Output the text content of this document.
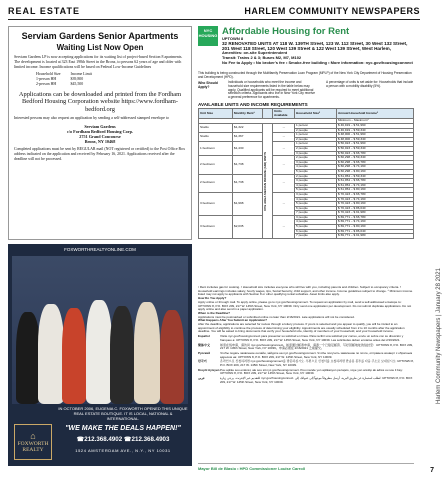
REAL ESTATE	HARLEM COMMUNITY NEWSPAPERS
Harlem Community Newspapers | January 28 2021
7
Serviam Gardens Senior Apartments
Waiting List Now Open

Serviam Gardens LP is now accepting applications for its waiting list of project-based Section 8 apartments. The development is located at 323 East 198th Street in the Bronx, to persons 62 years of age and older with limited income. Income qualifications will be based on Federal Low-Income Guidelines

Household Size	Income Limit
1-person HH	$39,800
2-person HH	$45,500

Applications can be downloaded and printed from the Fordham Bedford Housing Corporation website https://www.fordham-bedford.org

Interested persons may also request an application by sending a self-addressed stamped envelope to

Serviam Gardens
c/o Fordham Bedford Housing Corp.
2751 Grand Concourse
Bronx, NY 10468

Completed applications must be sent by REGULAR mail (NOT registered or certified) to the Post Office Box address indicated on the application and received by February 16, 2021. Applications received after the deadline will not be processed.

FOXWORTHREALTYONLINE.COM
⌂
FOXWORTH
REALTY
IN OCTOBER 2006, EUGENIA C. FOXWORTH OPENED THIS UNIQUE REAL ESTATE BOUTIQUE. IT IS LOCAL, NATIONAL & INTERNATIONAL.
"WE MAKE THE DEALS HAPPEN!"
☎212.368.4902 ☎212.368.4903
1524 AMSTERDAM AVE., N.Y., NY 10031
NYC HOUSING Affordable Housing for Rent
UPTOWN 8
32 RENOVATED UNITS AT 118 W. 139TH Street, 123 W. 112 Street, 30 West 132 Street, 201 West 118 Street, 120 West 139 Street & 122 West 139 Street, West Harlem,
Amenities: on-site Superintendent
Transit: Trains 2 & 3; Buses M2, M7, M102
No Fee to Apply • No broker's fee • Smoke-free building • More information: nyc.gov/housingconnect
This building is being constructed through the Multifamily Preservation Loan Program (MPLP) of the New York City Department of Housing Preservation and Development (HPD).
Who Should Apply?
Individuals or households who meet the income and household size requirements listed in the table below may apply. Qualified applicants will be required to meet additional selection criteria. Applicants who live in New York City receive a general preference for apartments.
A percentage of units is set aside for: Households that include a person with a mobility disability (5%).
AVAILABLE UNITS AND INCOME REQUIREMENTS
Unit Size	Monthly Rent¹		Units Available	Household Size²	Annual Household Income³
					Minimum – Maximum⁴
Studio	$1,322	60% AREA MEDIAN INCOME (AMI) UNITS	→	1 person	$ 46,919 – $ 51,960
				2 people	$ 46,919 – $ 59,340
Studio	$1,367		→	1 person	$ 48,000 – $ 51,960
				2 people	$ 48,000 – $ 59,340
1 bedroom	$1,430		→	1 person	$ 50,023 – $ 51,960
				2 people	$ 50,023 – $ 59,340
				3 people	$ 50,023 – $ 66,780
2 bedroom	$1,738		→	2 people	$ 60,298 – $ 59,340
				3 people	$ 60,298 – $ 66,780
				4 people	$ 60,298 – $ 74,160
				5 people	$ 60,298 – $ 80,160
2 bedroom	$1,738		→	2 people	$ 61,954 – $ 59,340
				3 people	$ 61,954 – $ 66,780
				4 people	$ 61,954 – $ 74,160
				5 people	$ 61,954 – $ 80,160
3 bedroom	$1,998		→	3 people	$ 70,423 – $ 66,780
				4 people	$ 70,423 – $ 74,160
				5 people	$ 70,423 – $ 80,160
				6 people	$ 70,423 – $ 86,040
				7 people	$ 70,423 – $ 91,980
3 bedroom	$2,035		→	3 people	$ 69,771 – $ 66,780
				4 people	$ 69,771 – $ 74,160
				5 people	$ 69,771 – $ 80,160
				6 people	$ 69,771 – $ 86,040
				7 people	$ 69,771 – $ 91,980
¹ Rent includes gas for cooking. ² Household size includes everyone who will live with you, including parents and children. Subject to occupancy criteria. ³ Household earnings includes salary, hourly wages, tips, Social Security, child support, and other income. Income guidelines subject to change. ⁴ Minimum income listed may not apply to applicants with Section 8 or other qualifying rental subsidies. Asset limits also apply.
How Do You Apply?
Apply online or through mail. To apply online, please go to nyc.gov/housingconnect. To request an application by mail, send a self-addressed envelope to: UPTOWN 8, P.O. BOX 209, 217 W. 145th Street, New York, NY 10039. Only send one application per development. Do not submit duplicate applications. Do not apply online and also send in a paper application.
When is the Deadline?
Applications must be postmarked or submitted online no later than 2/16/2021. Late applications will not be considered.
What Happens After You Submit an Application?
After the deadline, applications are selected for review through a lottery process. If yours is selected and you appear to qualify, you will be invited to an appointment of eligibility to continue the process of determining your eligibility. Appointments are usually scheduled from 2 to 10 months after the application deadline. You will be asked to bring documents that verify your household size, identity of members of your household, and your household income.
Español	Visite nyc.gov/housingconnect para presentar su solicitud en línea. Para recibir una solicitud por correo, envíe un sobre con su dirección y franqueo a: UPTOWN 8, P.O. BOX 209, 217 W. 145th Street, New York, NY 10039. Las solicitudes deben enviarse antes del 2/16/2021.
简体中文	如需在线申请，请访问 nyc.gov/housingconnect。如需通过邮寄申请，请寄一个已贴足邮资、写好回邮地址的信封至：UPTOWN 8, P.O. BOX 209, 217 W. 145th Street, New York, NY 10039。申请必须在 2/16/2021 之前提交。
Русский	Чтобы подать заявление онлайн, зайдите на nyc.gov/housingconnect. Чтобы получить заявление по почте, отправьте конверт с обратным адресом на: UPTOWN 8, P.O. BOX 209, 217 W. 145th Street, New York, NY 10039.
한국어	온라인으로 신청하려면 nyc.gov/housingconnect를 방문하십시오. 우편으로 신청서를 요청하려면 반송용 봉투를 다음 주소로 보내십시오: UPTOWN 8, P.O. BOX 209, 217 W. 145th Street, New York, NY 10039.
Kreyòl Ayisyen Pou aplike sou entènèt, ale sou sit nyc.gov/housingconnect. Pou mande yon aplikasyon pa lapòs, voye yon anvlòp ak adrès ou sou li bay: UPTOWN 8, P.O. BOX 209, 217 W. 145th Street, New York, NY 10039.
عربي	للتقديم عبر الإنترنت، يرجى زيارة nyc.gov/housingconnect. لطلب استمارة عن طريق البريد، أرسل مظروفاً موجهاً إلى عنوانك إلى: UPTOWN 8, P.O. BOX 209, 217 W. 145th Street, New York, NY 10039.
Mayor Bill de Blasio • HPD Commissioner Louise Carroll
